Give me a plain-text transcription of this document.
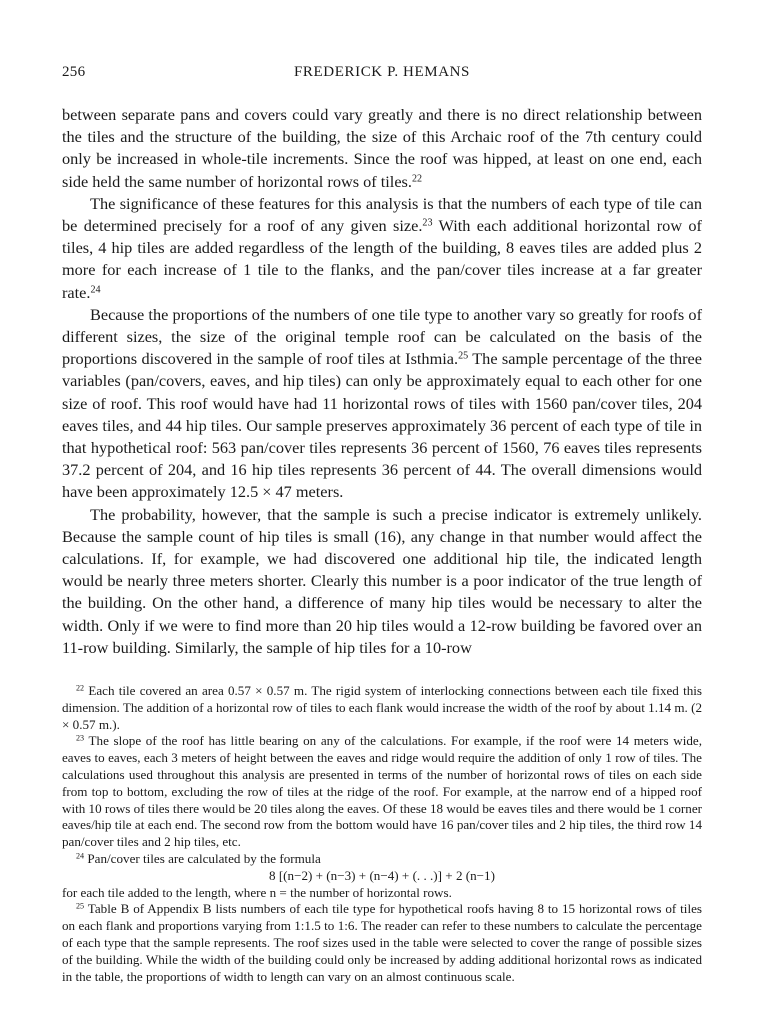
256	FREDERICK P. HEMANS

between separate pans and covers could vary greatly and there is no direct relationship between the tiles and the structure of the building, the size of this Archaic roof of the 7th century could only be increased in whole-tile increments. Since the roof was hipped, at least on one end, each side held the same number of horizontal rows of tiles.$^{22}$

The significance of these features for this analysis is that the numbers of each type of tile can be determined precisely for a roof of any given size.$^{23}$ With each additional horizontal row of tiles, 4 hip tiles are added regardless of the length of the building, 8 eaves tiles are added plus 2 more for each increase of 1 tile to the flanks, and the pan/cover tiles increase at a far greater rate.$^{24}$

Because the proportions of the numbers of one tile type to another vary so greatly for roofs of different sizes, the size of the original temple roof can be calculated on the basis of the proportions discovered in the sample of roof tiles at Isthmia.$^{25}$ The sample percentage of the three variables (pan/covers, eaves, and hip tiles) can only be approximately equal to each other for one size of roof. This roof would have had 11 horizontal rows of tiles with 1560 pan/cover tiles, 204 eaves tiles, and 44 hip tiles. Our sample preserves approximately 36 percent of each type of tile in that hypothetical roof: 563 pan/cover tiles represents 36 percent of 1560, 76 eaves tiles represents 37.2 percent of 204, and 16 hip tiles represents 36 percent of 44. The overall dimensions would have been approximately 12.5 × 47 meters.

The probability, however, that the sample is such a precise indicator is extremely unlikely. Because the sample count of hip tiles is small (16), any change in that number would affect the calculations. If, for example, we had discovered one additional hip tile, the indicated length would be nearly three meters shorter. Clearly this number is a poor indicator of the true length of the building. On the other hand, a difference of many hip tiles would be necessary to alter the width. Only if we were to find more than 20 hip tiles would a 12-row building be favored over an 11-row building. Similarly, the sample of hip tiles for a 10-row

$^{22}$ Each tile covered an area 0.57 × 0.57 m. The rigid system of interlocking connections between each tile fixed this dimension. The addition of a horizontal row of tiles to each flank would increase the width of the roof by about 1.14 m. (2 × 0.57 m.).

$^{23}$ The slope of the roof has little bearing on any of the calculations. For example, if the roof were 14 meters wide, eaves to eaves, each 3 meters of height between the eaves and ridge would require the addition of only 1 row of tiles. The calculations used throughout this analysis are presented in terms of the number of horizontal rows of tiles on each side from top to bottom, excluding the row of tiles at the ridge of the roof. For example, at the narrow end of a hipped roof with 10 rows of tiles there would be 20 tiles along the eaves. Of these 18 would be eaves tiles and there would be 1 corner eaves/hip tile at each end. The second row from the bottom would have 16 pan/cover tiles and 2 hip tiles, the third row 14 pan/cover tiles and 2 hip tiles, etc.

$^{24}$ Pan/cover tiles are calculated by the formula

8 [(n−2) + (n−3) + (n−4) + (. . .)] + 2 (n−1)

for each tile added to the length, where n = the number of horizontal rows.

$^{25}$ Table B of Appendix B lists numbers of each tile type for hypothetical roofs having 8 to 15 horizontal rows of tiles on each flank and proportions varying from 1:1.5 to 1:6. The reader can refer to these numbers to calculate the percentage of each type that the sample represents. The roof sizes used in the table were selected to cover the range of possible sizes of the building. While the width of the building could only be increased by adding additional horizontal rows as indicated in the table, the proportions of width to length can vary on an almost continuous scale.
